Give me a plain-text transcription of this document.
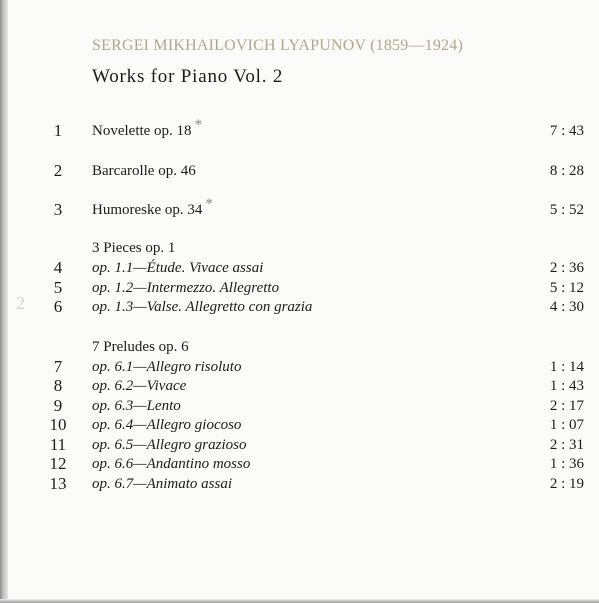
SERGEI MIKHAILOVICH LYAPUNOV (1859—1924)
Works for Piano Vol. 2
2
1	Novelette op. 18 *	7 : 43
2	Barcarolle op. 46	8 : 28
3	Humoreske op. 34 *	5 : 52
3 Pieces op. 1
4	op. 1.1—Étude. Vivace assai	2 : 36
5	op. 1.2—Intermezzo. Allegretto	5 : 12
6	op. 1.3—Valse. Allegretto con grazia	4 : 30
7 Preludes op. 6
7	op. 6.1—Allegro risoluto	1 : 14
8	op. 6.2—Vivace	1 : 43
9	op. 6.3—Lento	2 : 17
10	op. 6.4—Allegro giocoso	1 : 07
11	op. 6.5—Allegro grazioso	2 : 31
12	op. 6.6—Andantino mosso	1 : 36
13	op. 6.7—Animato assai	2 : 19
